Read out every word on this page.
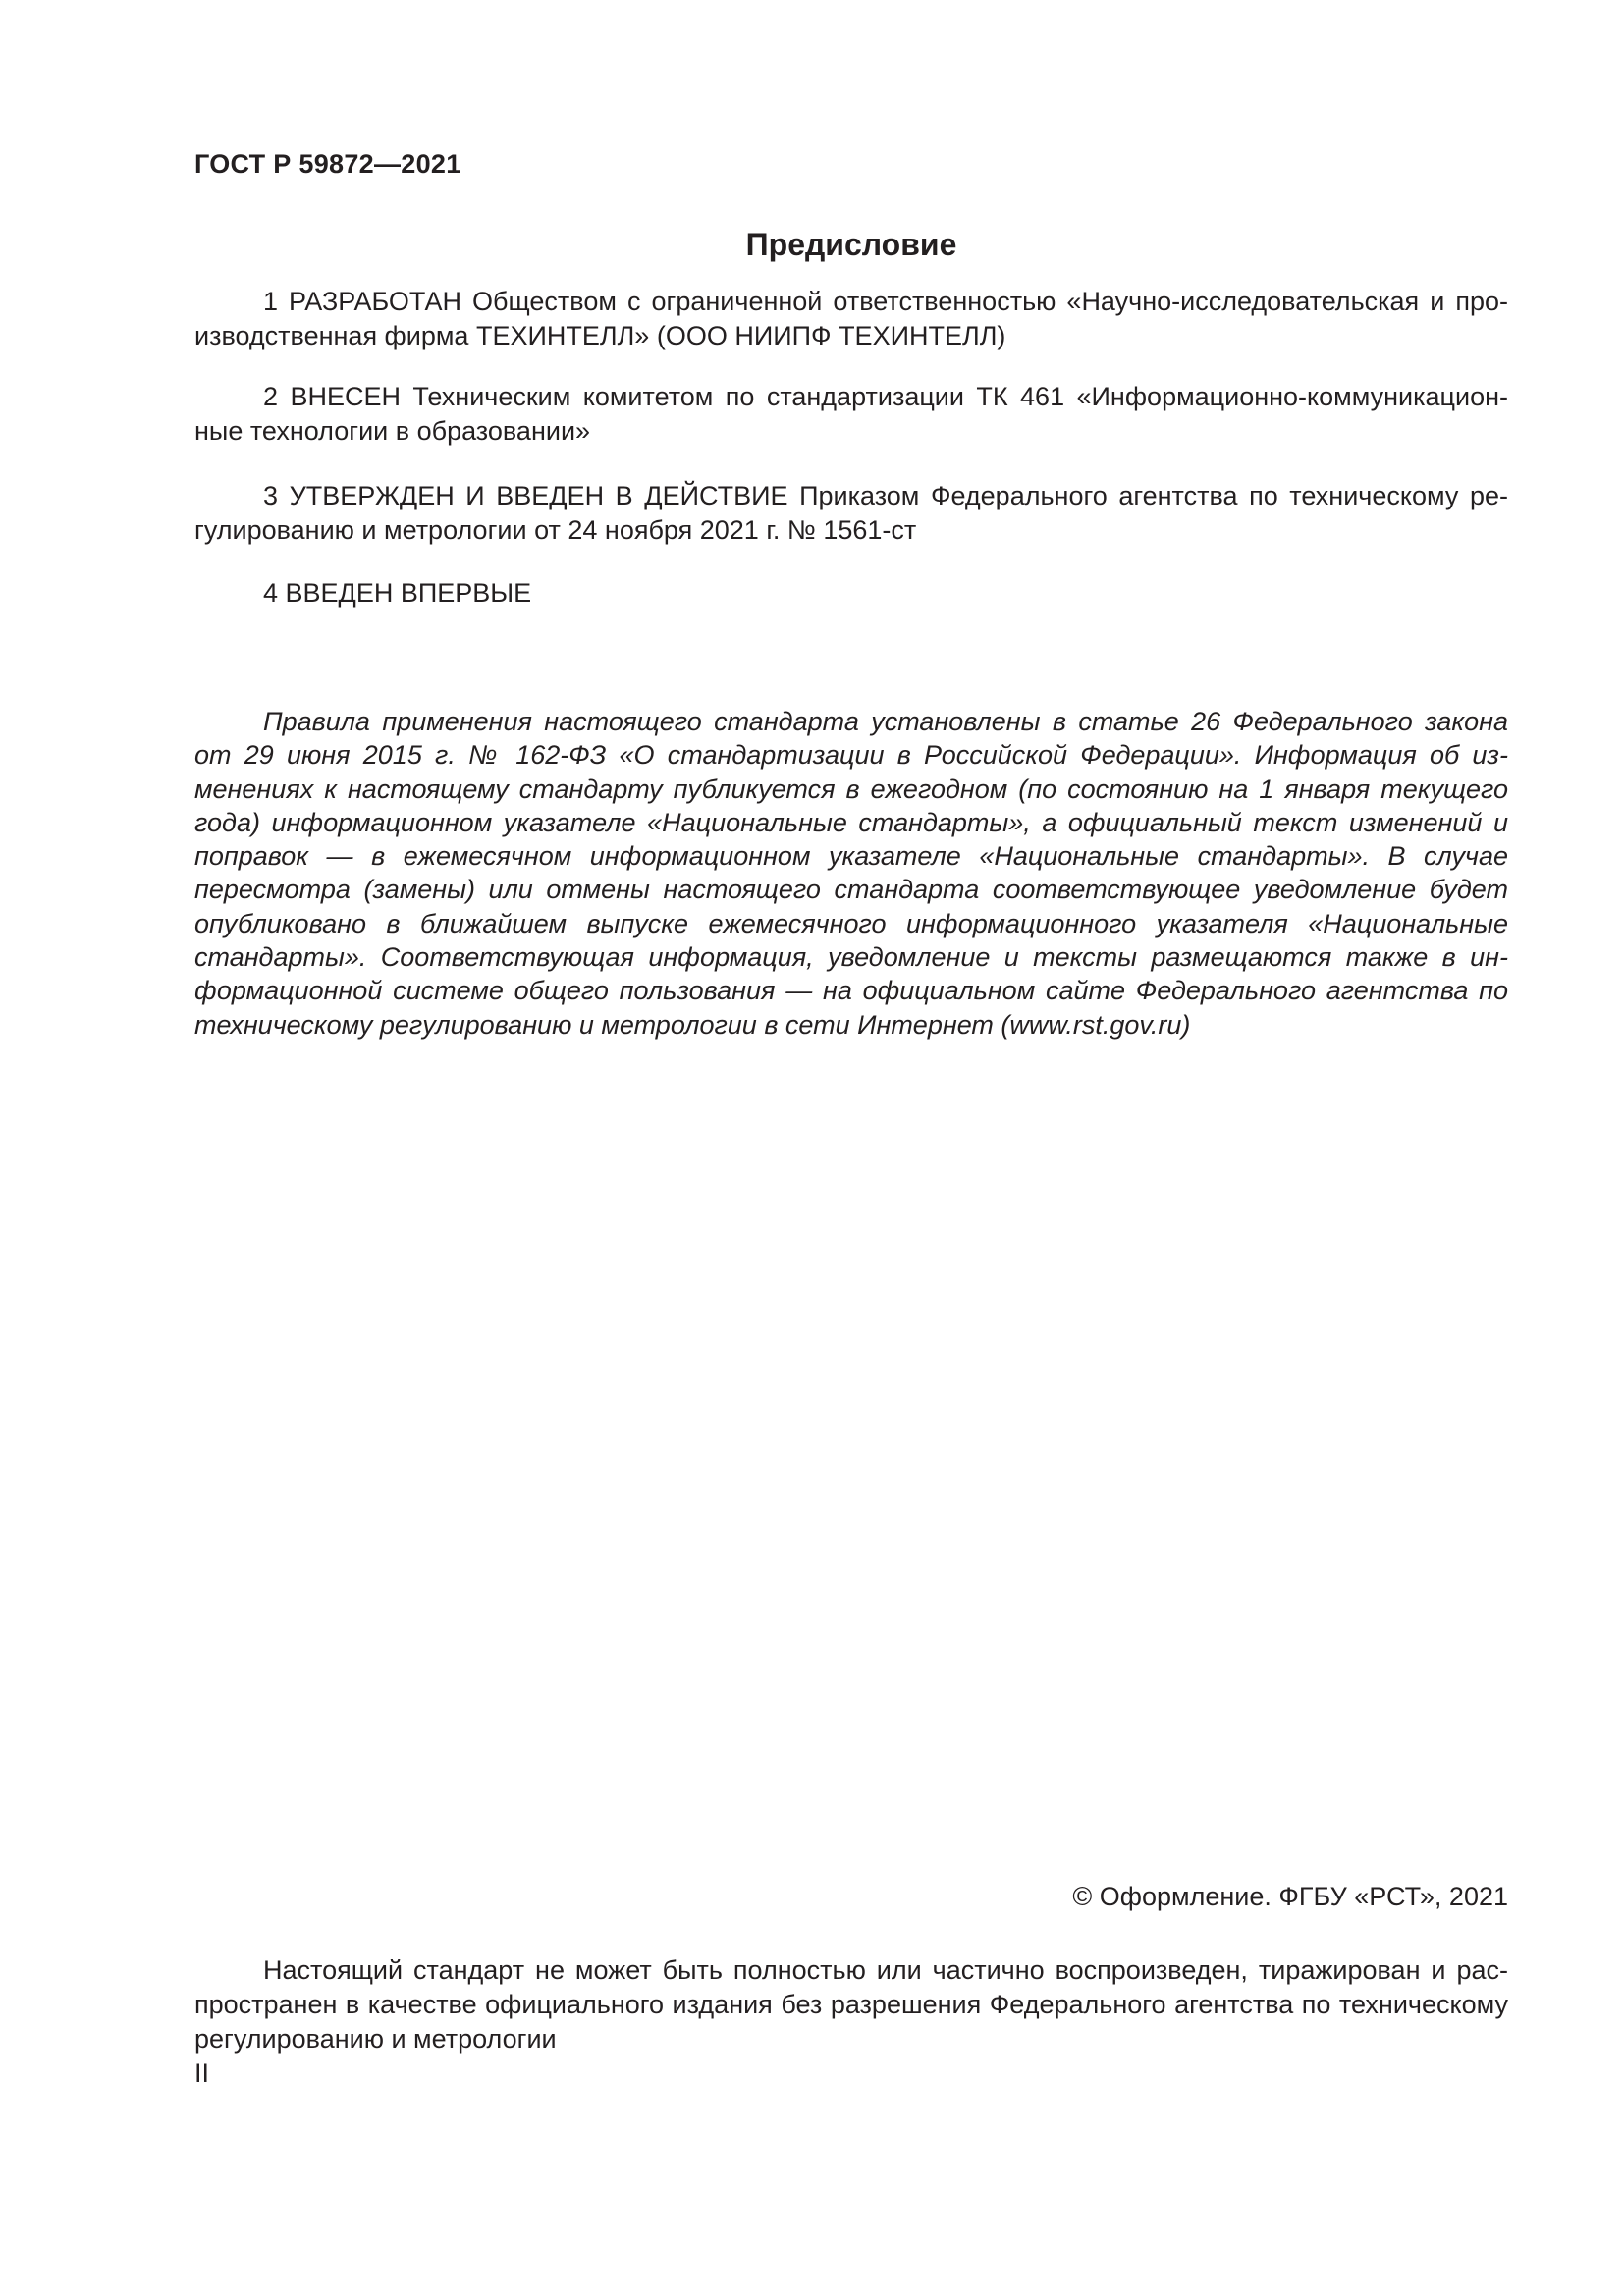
ГОСТ Р 59872—2021
Предисловие
1 РАЗРАБОТАН Обществом с ограниченной ответственностью «Научно-исследовательская и производственная фирма ТЕХИНТЕЛЛ» (ООО НИИПФ ТЕХИНТЕЛЛ)
2 ВНЕСЕН Техническим комитетом по стандартизации ТК 461 «Информационно-коммуникационные технологии в образовании»
3 УТВЕРЖДЕН И ВВЕДЕН В ДЕЙСТВИЕ Приказом Федерального агентства по техническому регулированию и метрологии от 24 ноября 2021 г. № 1561-ст
4 ВВЕДЕН ВПЕРВЫЕ
Правила применения настоящего стандарта установлены в статье 26 Федерального закона от 29 июня 2015 г. № 162-ФЗ «О стандартизации в Российской Федерации». Информация об изменениях к настоящему стандарту публикуется в ежегодном (по состоянию на 1 января текущего года) информационном указателе «Национальные стандарты», а официальный текст изменений и поправок — в ежемесячном информационном указателе «Национальные стандарты». В случае пересмотра (замены) или отмены настоящего стандарта соответствующее уведомление будет опубликовано в ближайшем выпуске ежемесячного информационного указателя «Национальные стандарты». Соответствующая информация, уведомление и тексты размещаются также в информационной системе общего пользования — на официальном сайте Федерального агентства по техническому регулированию и метрологии в сети Интернет (www.rst.gov.ru)
© Оформление. ФГБУ «РСТ», 2021
Настоящий стандарт не может быть полностью или частично воспроизведен, тиражирован и распространен в качестве официального издания без разрешения Федерального агентства по техническому регулированию и метрологии
II
